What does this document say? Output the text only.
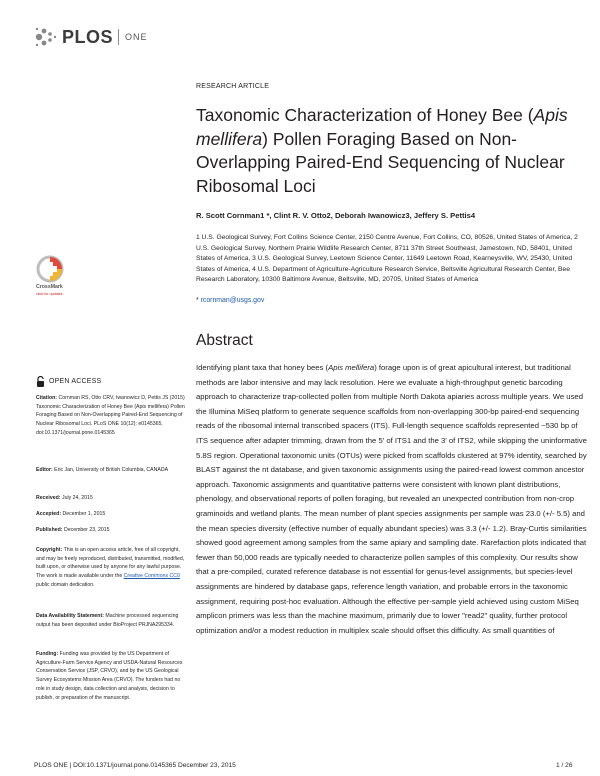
PLOS ONE
RESEARCH ARTICLE
Taxonomic Characterization of Honey Bee (Apis mellifera) Pollen Foraging Based on Non-Overlapping Paired-End Sequencing of Nuclear Ribosomal Loci
R. Scott Cornman1 *, Clint R. V. Otto2, Deborah Iwanowicz3, Jeffery S. Pettis4
1 U.S. Geological Survey, Fort Collins Science Center, 2150 Centre Avenue, Fort Collins, CO, 80526, United States of America, 2 U.S. Geological Survey, Northern Prairie Wildlife Research Center, 8711 37th Street Southeast, Jamestown, ND, 58401, United States of America, 3 U.S. Geological Survey, Leetown Science Center, 11649 Leetown Road, Kearneysville, WV, 25430, United States of America, 4 U.S. Department of Agriculture-Agriculture Research Service, Beltsville Agricultural Research Center, Bee Research Laboratory, 10300 Baltimore Avenue, Beltsville, MD, 20705, United States of America
* rcornman@usgs.gov
CrossMark
click for updates
OPEN ACCESS
Citation: Cornman RS, Otto CRV, Iwanowicz D, Pettis JS (2015) Taxonomic Characterization of Honey Bee (Apis mellifera) Pollen Foraging Based on Non-Overlapping Paired-End Sequencing of Nuclear Ribosomal Loci. PLoS ONE 10(12): e0145365. doi:10.1371/journal.pone.0145365
Editor: Eric Jan, University of British Columbia, CANADA
Received: July 24, 2015
Accepted: December 1, 2015
Published: December 23, 2015
Copyright: This is an open access article, free of all copyright, and may be freely reproduced, distributed, transmitted, modified, built upon, or otherwise used by anyone for any lawful purpose. The work is made available under the Creative Commons CC0 public domain dedication.
Data Availability Statement: Machine processed sequencing output has been deposited under BioProject PRJNA295334.
Funding: Funding was provided by the US Department of Agriculture-Farm Service Agency and USDA-Natural Resources Conservation Service (JSP, CRVO), and by the US Geological Survey Ecosystems Mission Area (CRVO). The funders had no role in study design, data collection and analysis, decision to publish, or preparation of the manuscript.
Abstract
Identifying plant taxa that honey bees (Apis mellifera) forage upon is of great apicultural interest, but traditional methods are labor intensive and may lack resolution. Here we evaluate a high-throughput genetic barcoding approach to characterize trap-collected pollen from multiple North Dakota apiaries across multiple years. We used the Illumina MiSeq platform to generate sequence scaffolds from non-overlapping 300-bp paired-end sequencing reads of the ribosomal internal transcribed spacers (ITS). Full-length sequence scaffolds represented ~530 bp of ITS sequence after adapter trimming, drawn from the 5' of ITS1 and the 3' of ITS2, while skipping the uninformative 5.8S region. Operational taxonomic units (OTUs) were picked from scaffolds clustered at 97% identity, searched by BLAST against the nt database, and given taxonomic assignments using the paired-read lowest common ancestor approach. Taxonomic assignments and quantitative patterns were consistent with known plant distributions, phenology, and observational reports of pollen foraging, but revealed an unexpected contribution from non-crop graminoids and wetland plants. The mean number of plant species assignments per sample was 23.0 (+/- 5.5) and the mean species diversity (effective number of equally abundant species) was 3.3 (+/- 1.2). Bray-Curtis similarities showed good agreement among samples from the same apiary and sampling date. Rarefaction plots indicated that fewer than 50,000 reads are typically needed to characterize pollen samples of this complexity. Our results show that a pre-compiled, curated reference database is not essential for genus-level assignments, but species-level assignments are hindered by database gaps, reference length variation, and probable errors in the taxonomic assignment, requiring post-hoc evaluation. Although the effective per-sample yield achieved using custom MiSeq amplicon primers was less than the machine maximum, primarily due to lower "read2" quality, further protocol optimization and/or a modest reduction in multiplex scale should offset this difficulty. As small quantities of
PLOS ONE | DOI:10.1371/journal.pone.0145365 December 23, 2015	1 / 26
